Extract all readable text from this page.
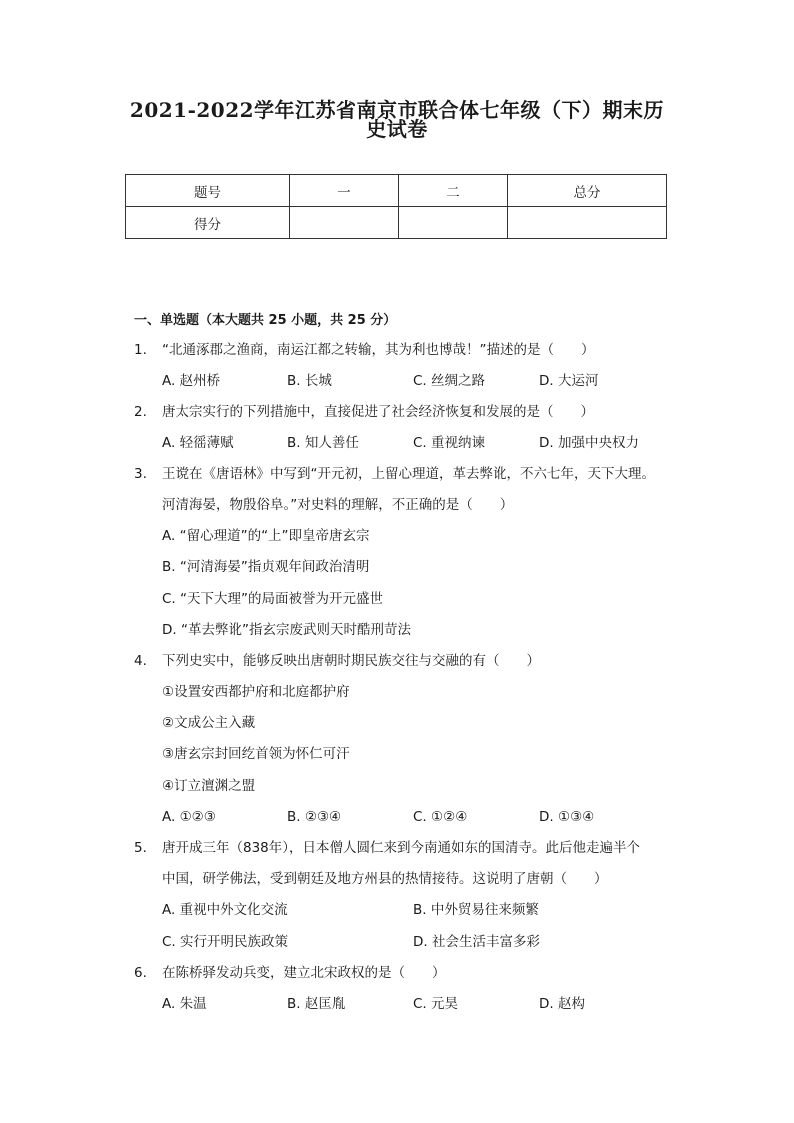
2021-2022学年江苏省南京市联合体七年级（下）期末历
史试卷
题号	一	二	总分
得分			
一、单选题（本大题共 25 小题，共 25 分）
1. “北通涿郡之渔商，南运江都之转输，其为利也博哉！”描述的是（　　）
A. 赵州桥	B. 长城	C. 丝绸之路	D. 大运河
2. 唐太宗实行的下列措施中，直接促进了社会经济恢复和发展的是（　　）
A. 轻徭薄赋	B. 知人善任	C. 重视纳谏	D. 加强中央权力
3. 王谠在《唐语林》中写到“开元初，上留心理道，革去弊讹，不六七年，天下大理。
河清海晏，物殷俗阜。”对史料的理解，不正确的是（　　）
A. “留心理道”的“上”即皇帝唐玄宗
B. “河清海晏”指贞观年间政治清明
C. “天下大理”的局面被誉为开元盛世
D. “革去弊讹”指玄宗废武则天时酷刑苛法
4. 下列史实中，能够反映出唐朝时期民族交往与交融的有（　　）
①设置安西都护府和北庭都护府
②文成公主入藏
③唐玄宗封回纥首领为怀仁可汗
④订立澶渊之盟
A. ①②③	B. ②③④	C. ①②④	D. ①③④
5. 唐开成三年（838年），日本僧人圆仁来到今南通如东的国清寺。此后他走遍半个
中国，研学佛法，受到朝廷及地方州县的热情接待。这说明了唐朝（　　）
A. 重视中外文化交流	B. 中外贸易往来频繁
C. 实行开明民族政策	D. 社会生活丰富多彩
6. 在陈桥驿发动兵变，建立北宋政权的是（　　）
A. 朱温	B. 赵匡胤	C. 元昊	D. 赵构
